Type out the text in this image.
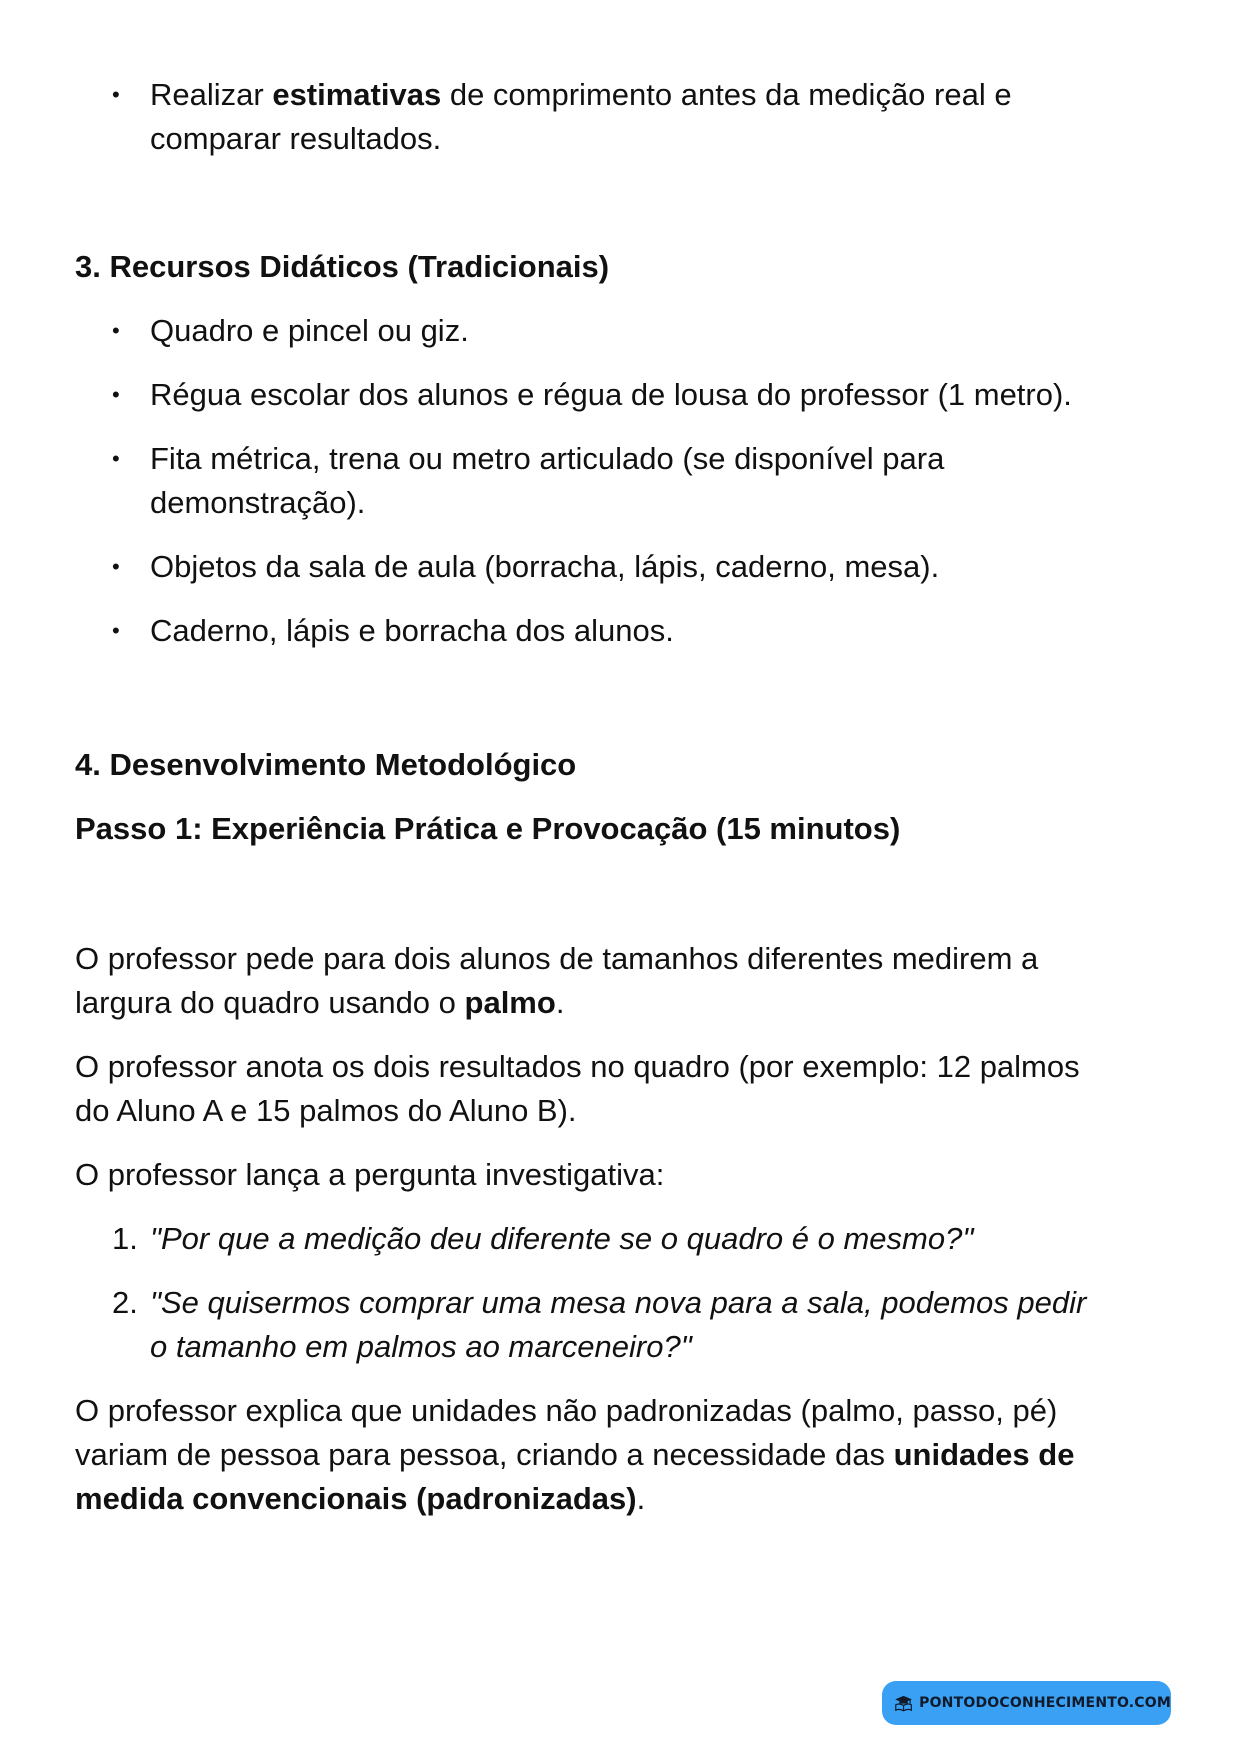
• Realizar estimativas de comprimento antes da medição real e
comparar resultados.
3. Recursos Didáticos (Tradicionais)
• Quadro e pincel ou giz.
• Régua escolar dos alunos e régua de lousa do professor (1 metro).
• Fita métrica, trena ou metro articulado (se disponível para
demonstração).
• Objetos da sala de aula (borracha, lápis, caderno, mesa).
• Caderno, lápis e borracha dos alunos.
4. Desenvolvimento Metodológico
Passo 1: Experiência Prática e Provocação (15 minutos)
O professor pede para dois alunos de tamanhos diferentes medirem a
largura do quadro usando o palmo.
O professor anota os dois resultados no quadro (por exemplo: 12 palmos
do Aluno A e 15 palmos do Aluno B).
O professor lança a pergunta investigativa:
1. "Por que a medição deu diferente se o quadro é o mesmo?"
2. "Se quisermos comprar uma mesa nova para a sala, podemos pedir
o tamanho em palmos ao marceneiro?"
O professor explica que unidades não padronizadas (palmo, passo, pé)
variam de pessoa para pessoa, criando a necessidade das unidades de
medida convencionais (padronizadas).
PONTODOCONHECIMENTO.COM
